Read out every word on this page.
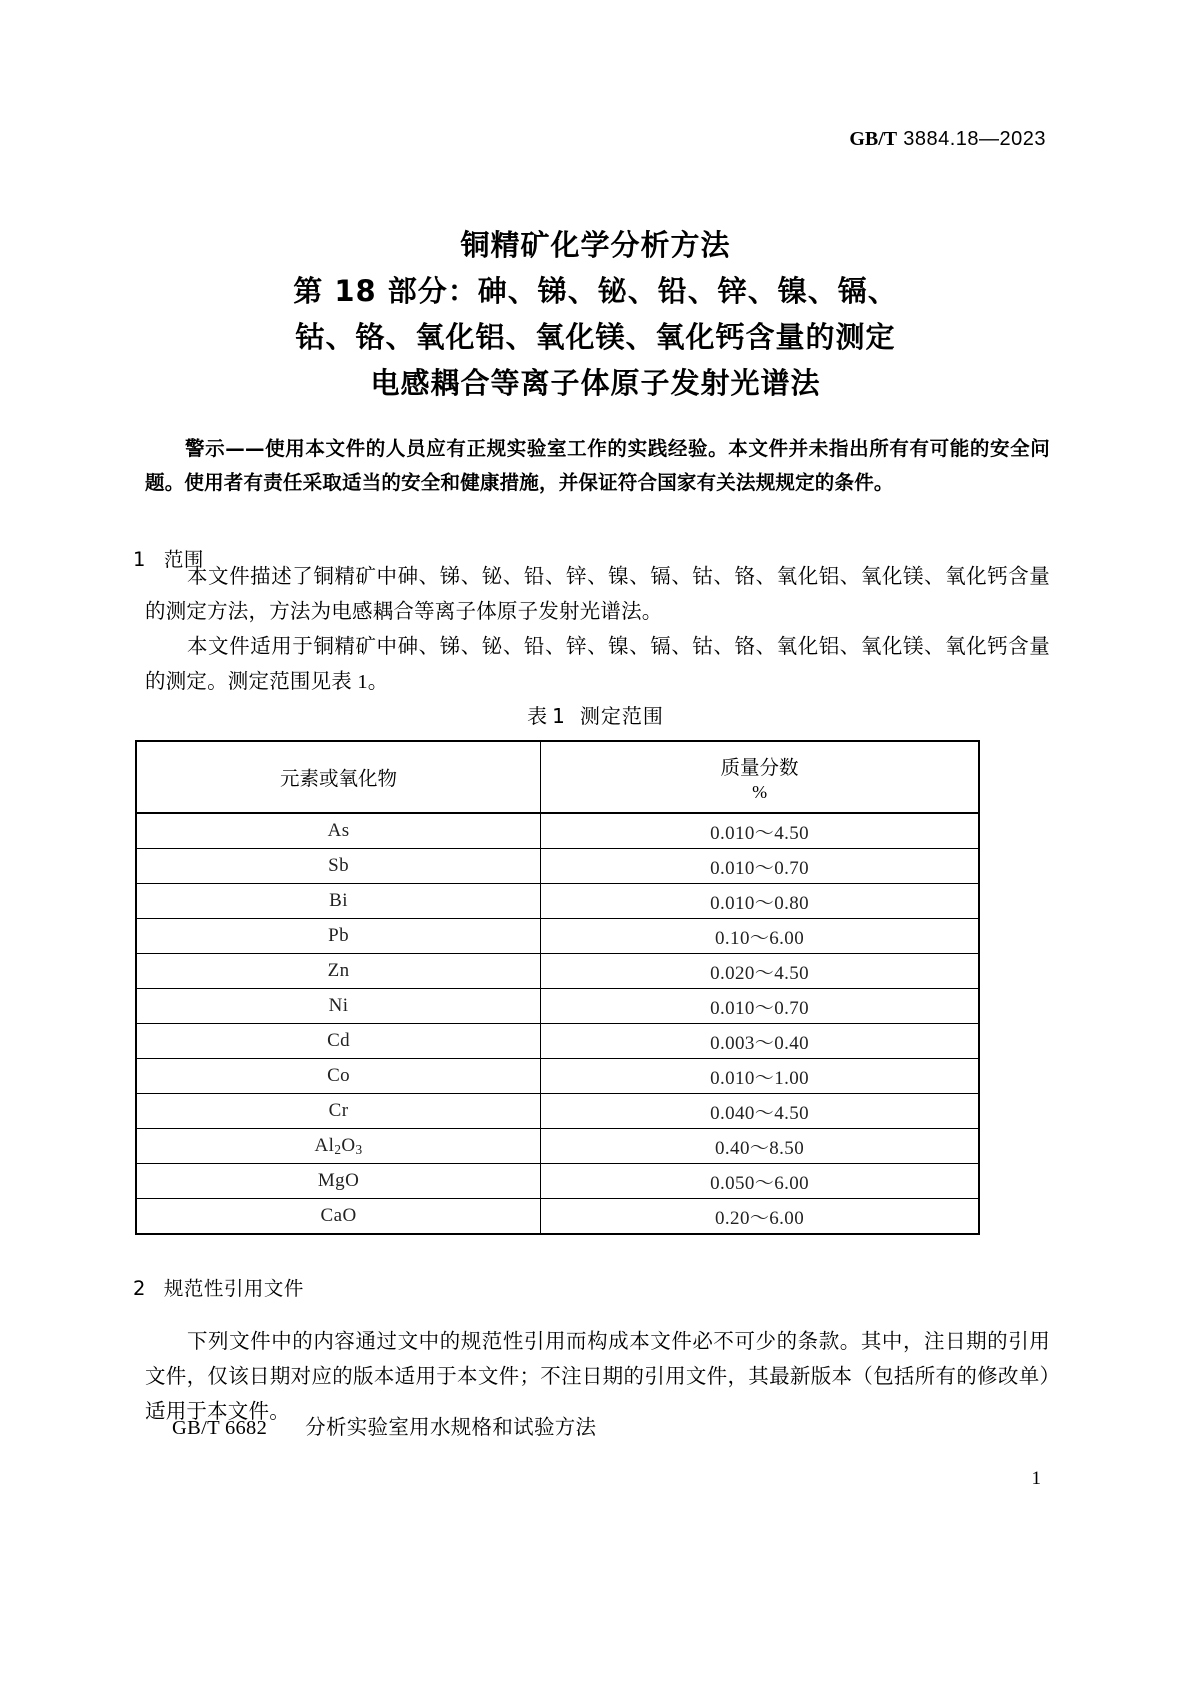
GB/T 3884.18—2023
铜精矿化学分析方法
第 18 部分：砷、锑、铋、铅、锌、镍、镉、
钴、铬、氧化铝、氧化镁、氧化钙含量的测定
电感耦合等离子体原子发射光谱法
警示——使用本文件的人员应有正规实验室工作的实践经验。本文件并未指出所有有可能的安全问题。使用者有责任采取适当的安全和健康措施，并保证符合国家有关法规规定的条件。
1 范围
本文件描述了铜精矿中砷、锑、铋、铅、锌、镍、镉、钴、铬、氧化铝、氧化镁、氧化钙含量的测定方法，方法为电感耦合等离子体原子发射光谱法。
本文件适用于铜精矿中砷、锑、铋、铅、锌、镍、镉、钴、铬、氧化铝、氧化镁、氧化钙含量的测定。测定范围见表 1。
表 1 测定范围
元素或氧化物	质量分数
%

As	0.010～4.50
Sb	0.010～0.70
Bi	0.010～0.80
Pb	0.10～6.00
Zn	0.020～4.50
Ni	0.010～0.70
Cd	0.003～0.40
Co	0.010～1.00
Cr	0.040～4.50
$Al_2O_3$	0.40～8.50
MgO	0.050～6.00
CaO	0.20～6.00
2 规范性引用文件
下列文件中的内容通过文中的规范性引用而构成本文件必不可少的条款。其中，注日期的引用文件，仅该日期对应的版本适用于本文件；不注日期的引用文件，其最新版本（包括所有的修改单）适用于本文件。
GB/T 6682 分析实验室用水规格和试验方法
1
